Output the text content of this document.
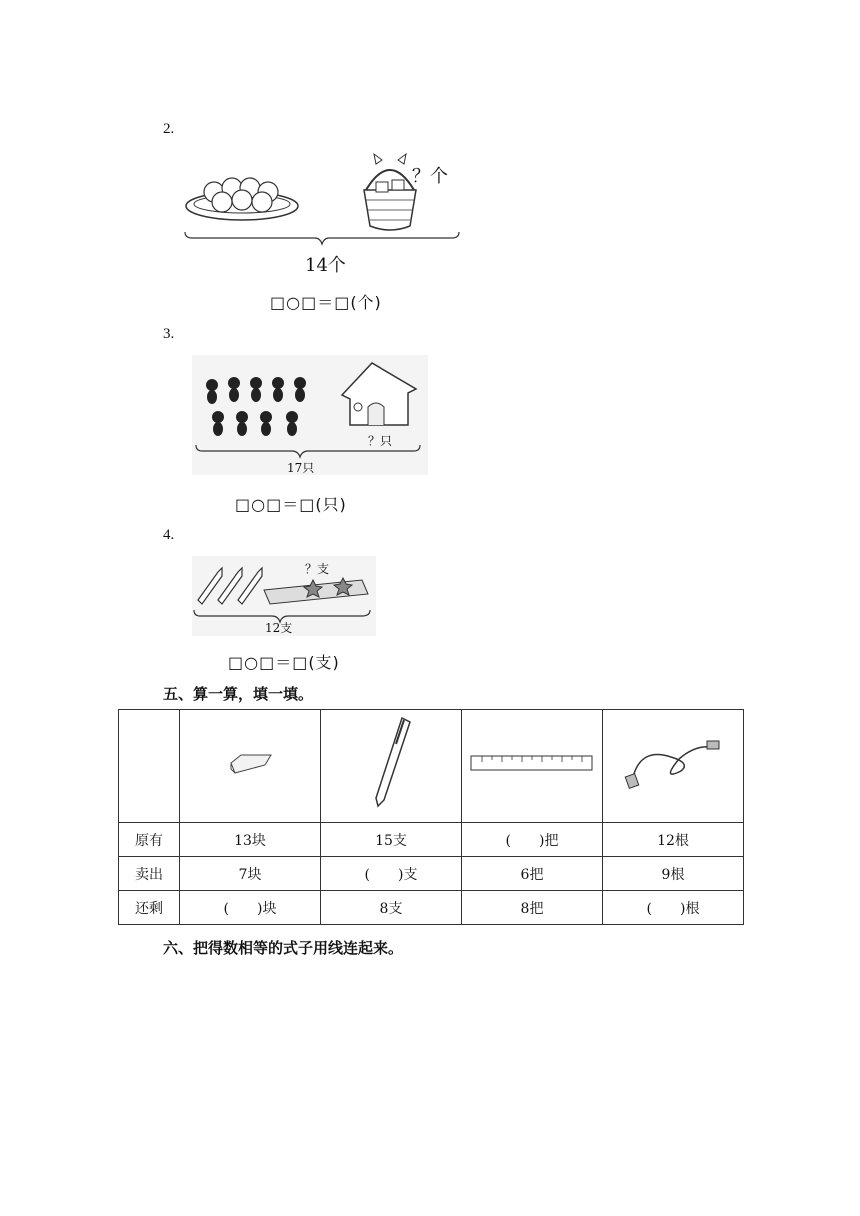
2.
？个
14个
□○□＝□(个)
3.
？只
17只
□○□＝□(只)
4.
？支
12支
□○□＝□(支)
五、算一算，填一填。

原有	13块	15支	(　　)把	12根
卖出	7块	(　　)支	6把	9根
还剩	(　　)块	8支	8把	(　　)根
六、把得数相等的式子用线连起来。
